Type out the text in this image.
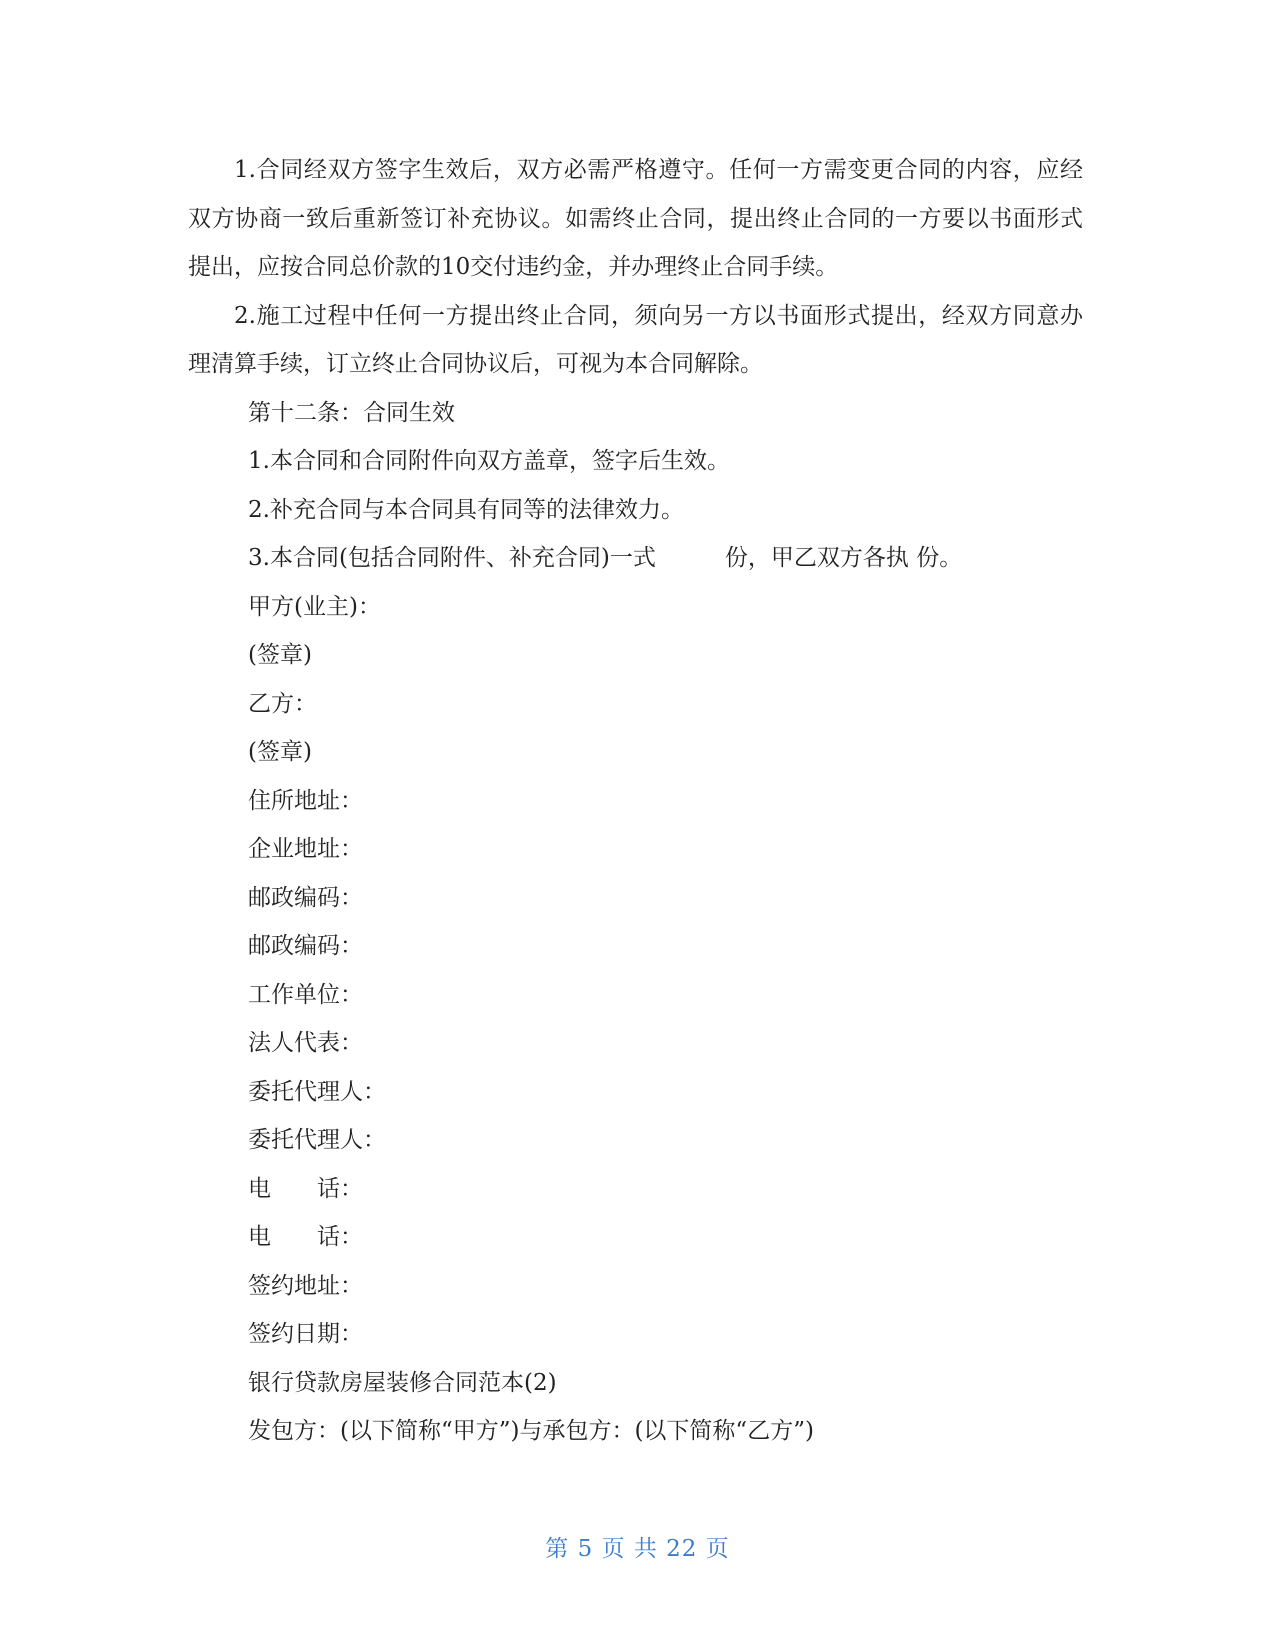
1.合同经双方签字生效后，双方必需严格遵守。任何一方需变更合同的内容，应经双方协商一致后重新签订补充协议。如需终止合同，提出终止合同的一方要以书面形式提出，应按合同总价款的10交付违约金，并办理终止合同手续。

2.施工过程中任何一方提出终止合同，须向另一方以书面形式提出，经双方同意办理清算手续，订立终止合同协议后，可视为本合同解除。

第十二条：合同生效

1.本合同和合同附件向双方盖章，签字后生效。

2.补充合同与本合同具有同等的法律效力。

3.本合同(包括合同附件、补充合同)一式　　　份，甲乙双方各执 份。

甲方(业主)：

(签章)

乙方：

(签章)

住所地址：

企业地址：

邮政编码：

邮政编码：

工作单位：

法人代表：

委托代理人：

委托代理人：

电　　话：

电　　话：

签约地址：

签约日期：

银行贷款房屋装修合同范本(2)

发包方：(以下简称“甲方”)与承包方：(以下简称“乙方”)

第 5 页 共 22 页
